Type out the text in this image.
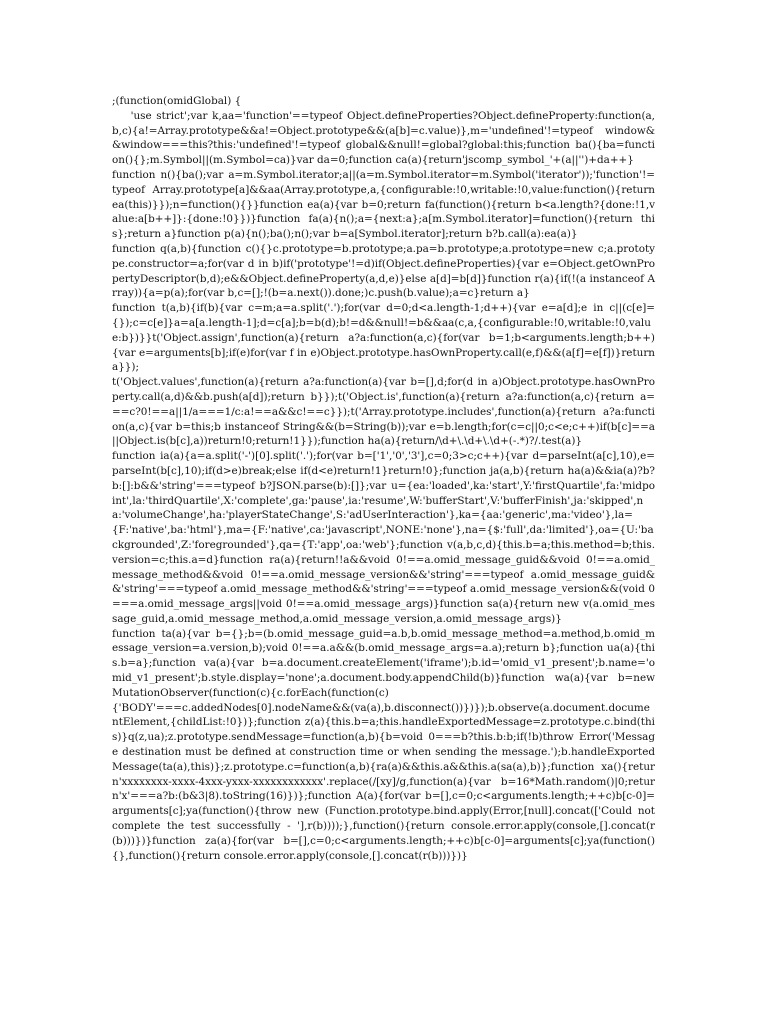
;(function(omidGlobal) {
'use strict';var k,aa='function'==typeof Object.defineProperties?Object.defineProperty:function(a,b,c){a!=Array.prototype&&a!=Object.prototype&&(a[b]=c.value)},m='undefined'!=typeof window&&window===this?this:'undefined'!=typeof global&&null!=global?global:this;function ba(){ba=function(){};m.Symbol||(m.Symbol=ca)}var da=0;function ca(a){return'jscomp_symbol_'+(a||'')+da++}

function n(){ba();var a=m.Symbol.iterator;a||(a=m.Symbol.iterator=m.Symbol('iterator'));'function'!=typeof Array.prototype[a]&&aa(Array.prototype,a,{configurable:!0,writable:!0,value:function(){return ea(this)}});n=function(){}}function ea(a){var b=0;return fa(function(){return b<a.length?{done:!1,value:a[b++]}:{done:!0}})}function fa(a){n();a={next:a};a[m.Symbol.iterator]=function(){return this};return a}function p(a){n();ba();n();var b=a[Symbol.iterator];return b?b.call(a):ea(a)}

function q(a,b){function c(){}c.prototype=b.prototype;a.pa=b.prototype;a.prototype=new c;a.prototype.constructor=a;for(var d in b)if('prototype'!=d)if(Object.defineProperties){var e=Object.getOwnPropertyDescriptor(b,d);e&&Object.defineProperty(a,d,e)}else a[d]=b[d]}function r(a){if(!(a instanceof Array)){a=p(a);for(var b,c=[];!(b=a.next()).done;)c.push(b.value);a=c}return a}

function t(a,b){if(b){var c=m;a=a.split('.');for(var d=0;d<a.length-1;d++){var e=a[d];e in c||(c[e]={});c=c[e]}a=a[a.length-1];d=c[a];b=b(d);b!=d&&null!=b&&aa(c,a,{configurable:!0,writable:!0,value:b})}}t('Object.assign',function(a){return a?a:function(a,c){for(var b=1;b<arguments.length;b++){var e=arguments[b];if(e)for(var f in e)Object.prototype.hasOwnProperty.call(e,f)&&(a[f]=e[f])}return a}});

t('Object.values',function(a){return a?a:function(a){var b=[],d;for(d in a)Object.prototype.hasOwnProperty.call(a,d)&&b.push(a[d]);return b}});t('Object.is',function(a){return a?a:function(a,c){return a===c?0!==a||1/a===1/c:a!==a&&c!==c}});t('Array.prototype.includes',function(a){return a?a:function(a,c){var b=this;b instanceof String&&(b=String(b));var e=b.length;for(c=c||0;c<e;c++)if(b[c]==a||Object.is(b[c],a))return!0;return!1}});function ha(a){return/\d+\.\d+\.\d+(-.*)?/.test(a)}

function ia(a){a=a.split('-')[0].split('.');for(var b=['1','0','3'],c=0;3>c;c++){var d=parseInt(a[c],10),e=parseInt(b[c],10);if(d>e)break;else if(d<e)return!1}return!0};function ja(a,b){return ha(a)&&ia(a)?b?b:[]:b&&'string'===typeof b?JSON.parse(b):[]};var u={ea:'loaded',ka:'start',Y:'firstQuartile',fa:'midpoint',la:'thirdQuartile',X:'complete',ga:'pause',ia:'resume',W:'bufferStart',V:'bufferFinish',ja:'skipped',na:'volumeChange',ha:'playerStateChange',S:'adUserInteraction'},ka={aa:'generic',ma:'video'},la={F:'native',ba:'html'},ma={F:'native',ca:'javascript',NONE:'none'},na={$:'full',da:'limited'},oa={U:'backgrounded',Z:'foregrounded'},qa={T:'app',oa:'web'};function v(a,b,c,d){this.b=a;this.method=b;this.version=c;this.a=d}function ra(a){return!!a&&void 0!==a.omid_message_guid&&void 0!==a.omid_message_method&&void 0!==a.omid_message_version&&'string'===typeof a.omid_message_guid&&'string'===typeof a.omid_message_method&&'string'===typeof a.omid_message_version&&(void 0===a.omid_message_args||void 0!==a.omid_message_args)}function sa(a){return new v(a.omid_message_guid,a.omid_message_method,a.omid_message_version,a.omid_message_args)}

function ta(a){var b={};b=(b.omid_message_guid=a.b,b.omid_message_method=a.method,b.omid_message_version=a.version,b);void 0!==a.a&&(b.omid_message_args=a.a);return b};function ua(a){this.b=a};function va(a){var b=a.document.createElement('iframe');b.id='omid_v1_present';b.name='omid_v1_present';b.style.display='none';a.document.body.appendChild(b)}function wa(a){var b=new MutationObserver(function(c){c.forEach(function(c)

{'BODY'===c.addedNodes[0].nodeName&&(va(a),b.disconnect())})});b.observe(a.document.documentElement,{childList:!0})};function z(a){this.b=a;this.handleExportedMessage=z.prototype.c.bind(this)}q(z,ua);z.prototype.sendMessage=function(a,b){b=void 0===b?this.b:b;if(!b)throw Error('Message destination must be defined at construction time or when sending the message.');b.handleExportedMessage(ta(a),this)};z.prototype.c=function(a,b){ra(a)&&this.a&&this.a(sa(a),b)};function xa(){return'xxxxxxxx-xxxx-4xxx-yxxx-xxxxxxxxxxxx'.replace(/[xy]/g,function(a){var b=16*Math.random()|0;return'x'===a?b:(b&3|8).toString(16)})};function A(a){for(var b=[],c=0;c<arguments.length;++c)b[c-0]=arguments[c];ya(function(){throw new (Function.prototype.bind.apply(Error,[null].concat(['Could not complete the test successfully - '],r(b))));},function(){return console.error.apply(console,[].concat(r(b)))})}function za(a){for(var b=[],c=0;c<arguments.length;++c)b[c-0]=arguments[c];ya(function(){},function(){return console.error.apply(console,[].concat(r(b)))})}
